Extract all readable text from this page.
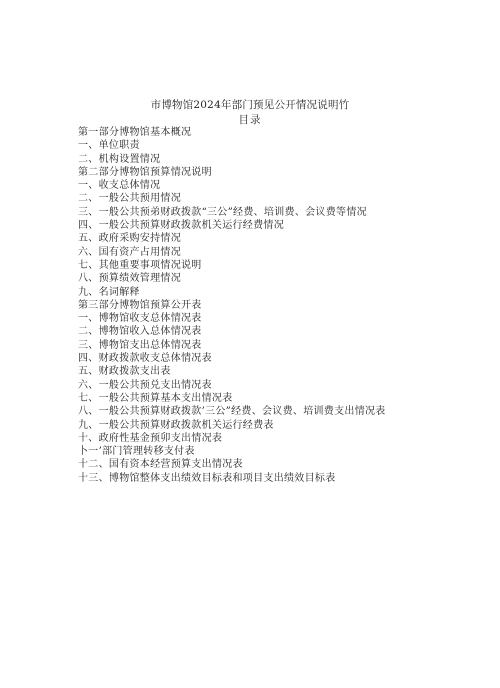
市博物馆2024年部门预见公开情况说明竹
目录
第一部分博物馆基本概况
一、单位职责
二、机构设置情况
第二部分博物馆预算情况说明
一、收支总体情况
二、一般公共预用情况
三、一般公共预弟财政拨款“三公”经费、培训费、会议费等情况
四、一般公共预算财政拨款机关运行经费情况
五、政府采购安持情况
六、国有资产占用情况
七、其他重要事项情况说明
八、预算绩效管理情况
九、名词解释
第三部分博物馆预算公开表
一、博物馆收支总体情况表
二、博物馆收入总体情况表
三、博物馆支出总体情况表
四、财政拨款收支总体情况表
五、财政拨款支出表
六、一般公共预兑支出情况表
七、一般公共预算基本支出情况表
八、一般公共预算财政拨款’三公”经费、会议费、培训费支出情况表
九、一般公共预算财政拨款机关运行经费表
十、政府性基金预卯支出情况表
卜一’部门管理转移支付表
十二、国有资本经营预算支出情况表
十三、博物馆整体支出绩效目标表和项目支出绩效目标表
